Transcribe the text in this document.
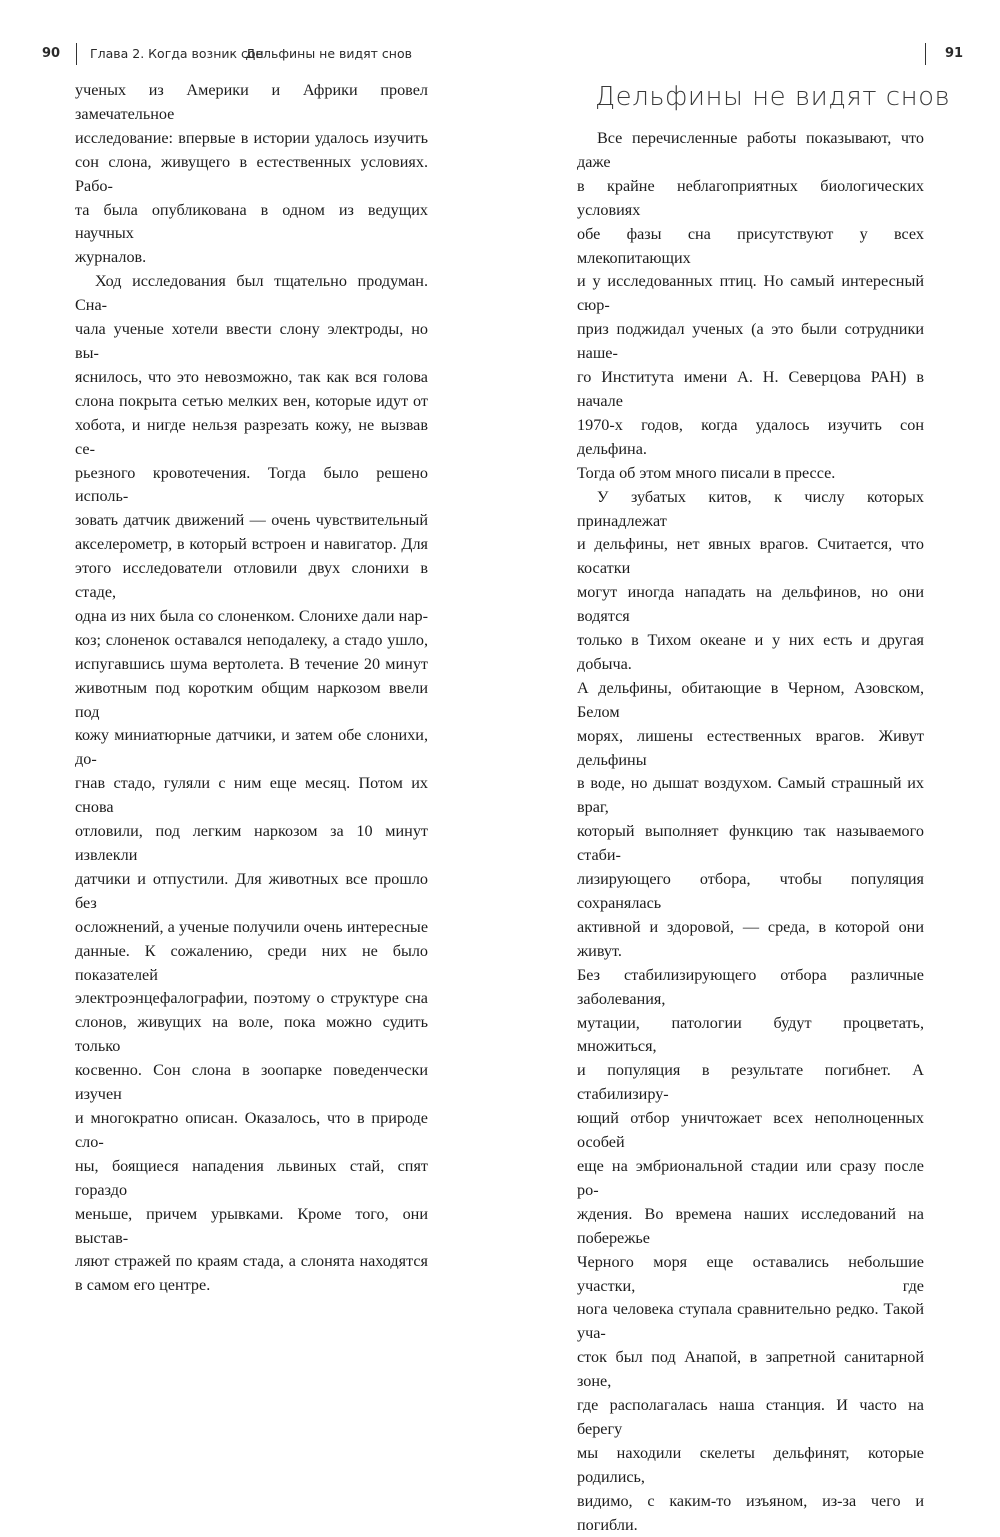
90 Глава 2. Когда возник сон

ученых из Америки и Африки провел замечательное

исследование: впервые в истории удалось изучить

сон слона, живущего в естественных условиях. Рабо-

та была опубликована в одном из ведущих научных

журналов.

Ход исследования был тщательно продуман. Сна-

чала ученые хотели ввести слону электроды, но вы-

яснилось, что это невозможно, так как вся голова

слона покрыта сетью мелких вен, которые идут от

хобота, и нигде нельзя разрезать кожу, не вызвав се-

рьезного кровотечения. Тогда было решено исполь-

зовать датчик движений — очень чувствительный

акселерометр, в который встроен и навигатор. Для

этого исследователи отловили двух слонихи в стаде,

одна из них была со слоненком. Слонихе дали нар-

коз; слоненок оставался неподалеку, а стадо ушло,

испугавшись шума вертолета. В течение 20 минут

животным под коротким общим наркозом ввели под

кожу миниатюрные датчики, и затем обе слонихи, до-

гнав стадо, гуляли с ним еще месяц. Потом их снова

отловили, под легким наркозом за 10 минут извлекли

датчики и отпустили. Для животных все прошло без

осложнений, а ученые получили очень интересные

данные. К сожалению, среди них не было показателей

электроэнцефалографии, поэтому о структуре сна

слонов, живущих на воле, пока можно судить только

косвенно. Сон слона в зоопарке поведенчески изучен

и многократно описан. Оказалось, что в природе сло-

ны, боящиеся нападения львиных стай, спят гораздо

меньше, причем урывками. Кроме того, они выстав-

ляют стражей по краям стада, а слонята находятся

в самом его центре.

Дельфины не видят снов	91
Дельфины не видят снов

Все перечисленные работы показывают, что даже

в крайне неблагоприятных биологических условиях

обе фазы сна присутствуют у всех млекопитающих

и у исследованных птиц. Но самый интересный сюр-

приз поджидал ученых (а это были сотрудники наше-

го Института имени А. Н. Северцова РАН) в начале

1970-х годов, когда удалось изучить сон дельфина.

Тогда об этом много писали в прессе.

У зубатых китов, к числу которых принадлежат

и дельфины, нет явных врагов. Считается, что косатки

могут иногда нападать на дельфинов, но они водятся

только в Тихом океане и у них есть и другая добыча.

А дельфины, обитающие в Черном, Азовском, Белом

морях, лишены естественных врагов. Живут дельфины

в воде, но дышат воздухом. Самый страшный их враг,

который выполняет функцию так называемого стаби-

лизирующего отбора, чтобы популяция сохранялась

активной и здоровой, — среда, в которой они живут.

Без стабилизирующего отбора различные заболевания,

мутации, патологии будут процветать, множиться,

и популяция в результате погибнет. А стабилизиру-

ющий отбор уничтожает всех неполноценных особей

еще на эмбриональной стадии или сразу после ро-

ждения. Во времена наших исследований на побережье

Черного моря еще оставались небольшие участки, где

нога человека ступала сравнительно редко. Такой уча-

сток был под Анапой, в запретной санитарной зоне,

где располагалась наша станция. И часто на берегу

мы находили скелеты дельфинят, которые родились,

видимо, с каким-то изъяном, из-за чего и погибли.
